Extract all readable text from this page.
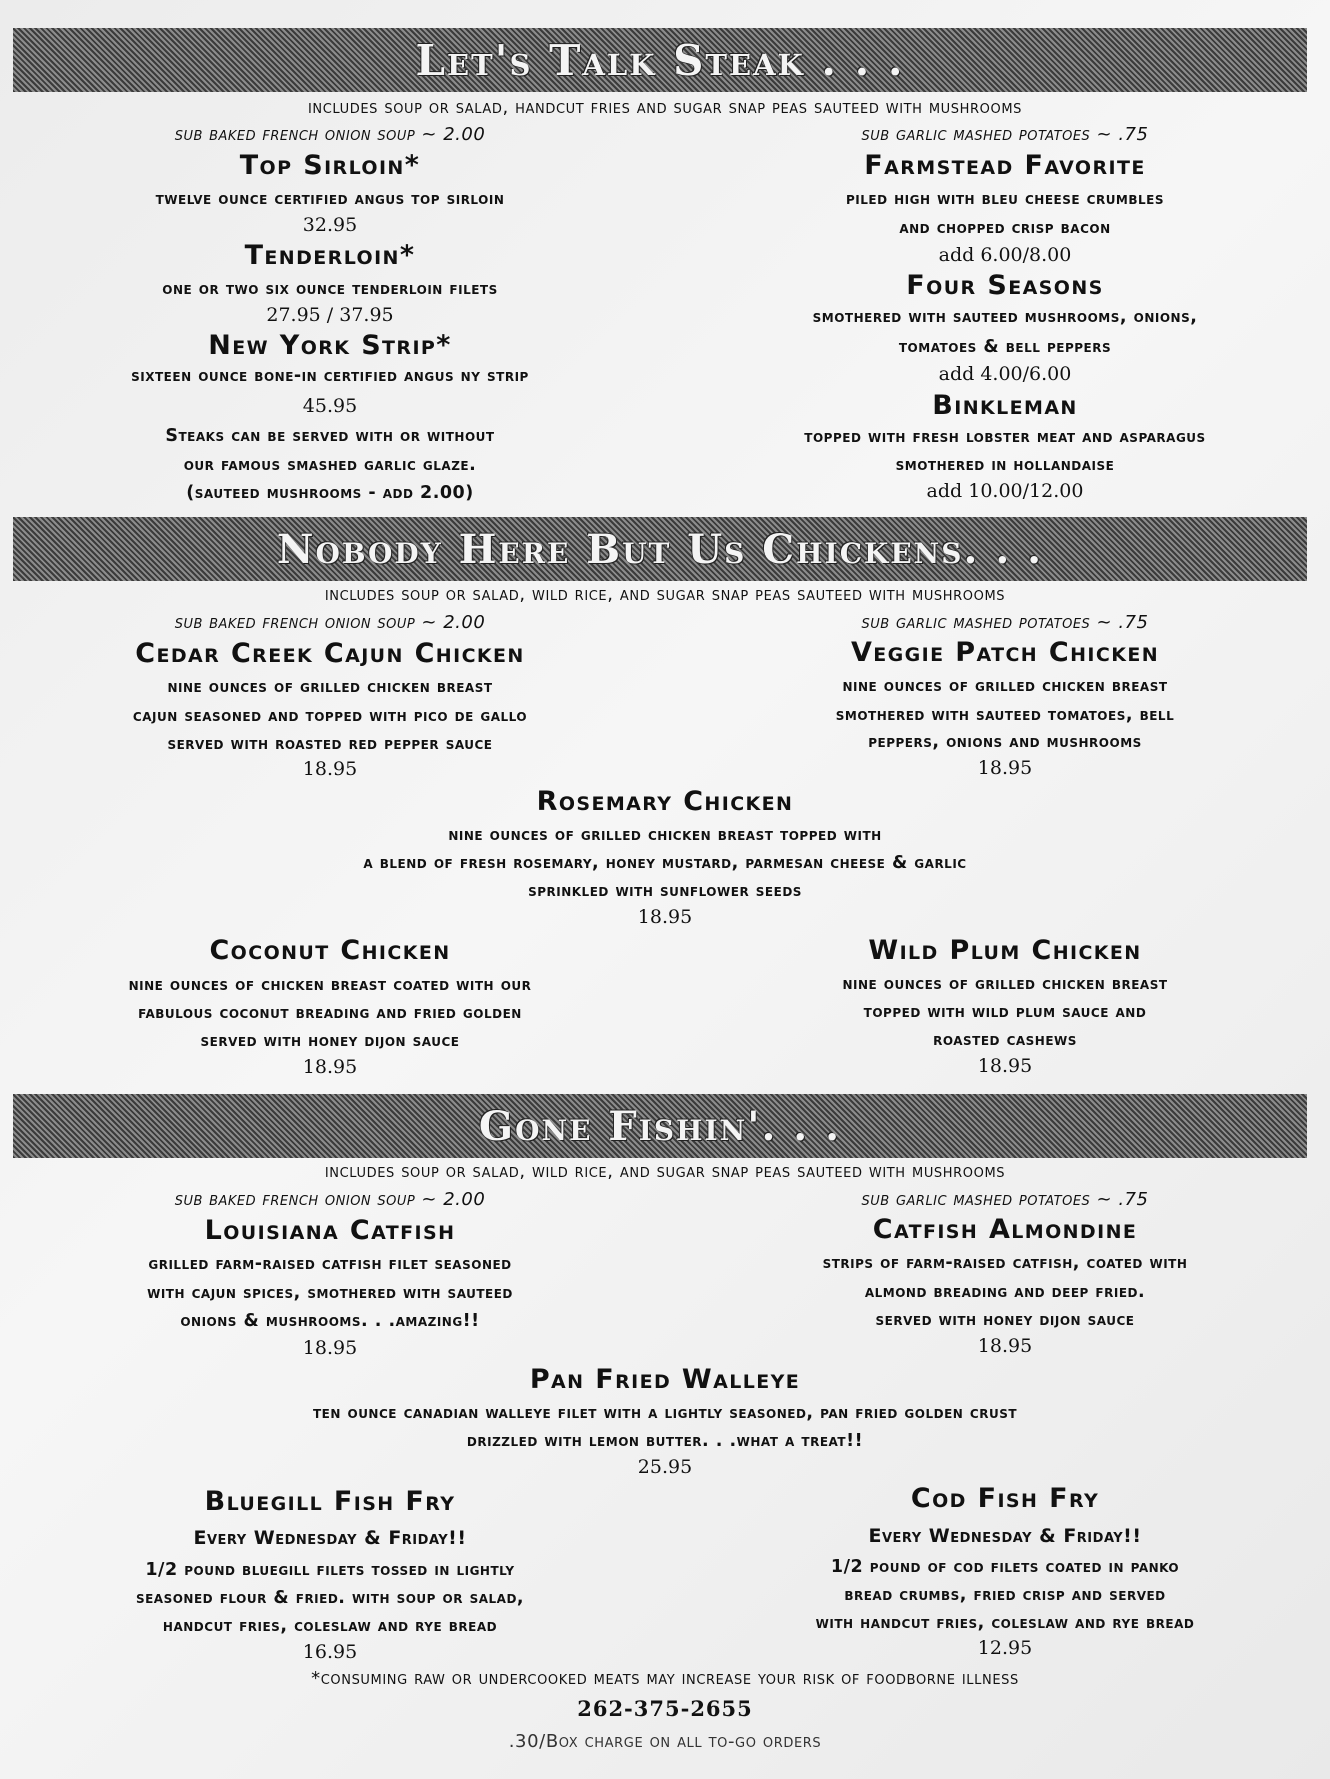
Let's Talk Steak . . .
includes soup or salad, handcut fries and sugar snap peas sauteed with mushrooms
sub baked french onion soup ~ 2.00	sub garlic mashed potatoes ~ .75
Top Sirloin*
twelve ounce certified angus top sirloin
32.95
Tenderloin*
one or two six ounce tenderloin filets
27.95 / 37.95
New York Strip*
sixteen ounce bone-in certified angus ny strip
45.95
Steaks can be served with or without
our famous smashed garlic glaze.
(sauteed mushrooms - add 2.00)
Farmstead Favorite
piled high with bleu cheese crumbles
and chopped crisp bacon
add 6.00/8.00
Four Seasons
smothered with sauteed mushrooms, onions,
tomatoes & bell peppers
add 4.00/6.00
Binkleman
topped with fresh lobster meat and asparagus
smothered in hollandaise
add 10.00/12.00
Nobody Here But Us Chickens. . .
includes soup or salad, wild rice, and sugar snap peas sauteed with mushrooms
sub baked french onion soup ~ 2.00	sub garlic mashed potatoes ~ .75
Cedar Creek Cajun Chicken
nine ounces of grilled chicken breast
cajun seasoned and topped with pico de gallo
served with roasted red pepper sauce
18.95
Veggie Patch Chicken
nine ounces of grilled chicken breast
smothered with sauteed tomatoes, bell
peppers, onions and mushrooms
18.95
Rosemary Chicken
nine ounces of grilled chicken breast topped with
a blend of fresh rosemary, honey mustard, parmesan cheese & garlic
sprinkled with sunflower seeds
18.95
Coconut Chicken
nine ounces of chicken breast coated with our
fabulous coconut breading and fried golden
served with honey dijon sauce
18.95
Wild Plum Chicken
nine ounces of grilled chicken breast
topped with wild plum sauce and
roasted cashews
18.95
Gone Fishin'. . .
includes soup or salad, wild rice, and sugar snap peas sauteed with mushrooms
sub baked french onion soup ~ 2.00	sub garlic mashed potatoes ~ .75
Louisiana Catfish
grilled farm-raised catfish filet seasoned
with cajun spices, smothered with sauteed
onions & mushrooms. . .amazing!!
18.95
Catfish Almondine
strips of farm-raised catfish, coated with
almond breading and deep fried.
served with honey dijon sauce
18.95
Pan Fried Walleye
ten ounce canadian walleye filet with a lightly seasoned, pan fried golden crust
drizzled with lemon butter. . .what a treat!!
25.95
Bluegill Fish Fry
Every Wednesday & Friday!!
1/2 pound bluegill filets tossed in lightly
seasoned flour & fried. with soup or salad,
handcut fries, coleslaw and rye bread
16.95
Cod Fish Fry
Every Wednesday & Friday!!
1/2 pound of cod filets coated in panko
bread crumbs, fried crisp and served
with handcut fries, coleslaw and rye bread
12.95
*consuming raw or undercooked meats may increase your risk of foodborne illness
262-375-2655
.30/Box charge on all to-go orders
